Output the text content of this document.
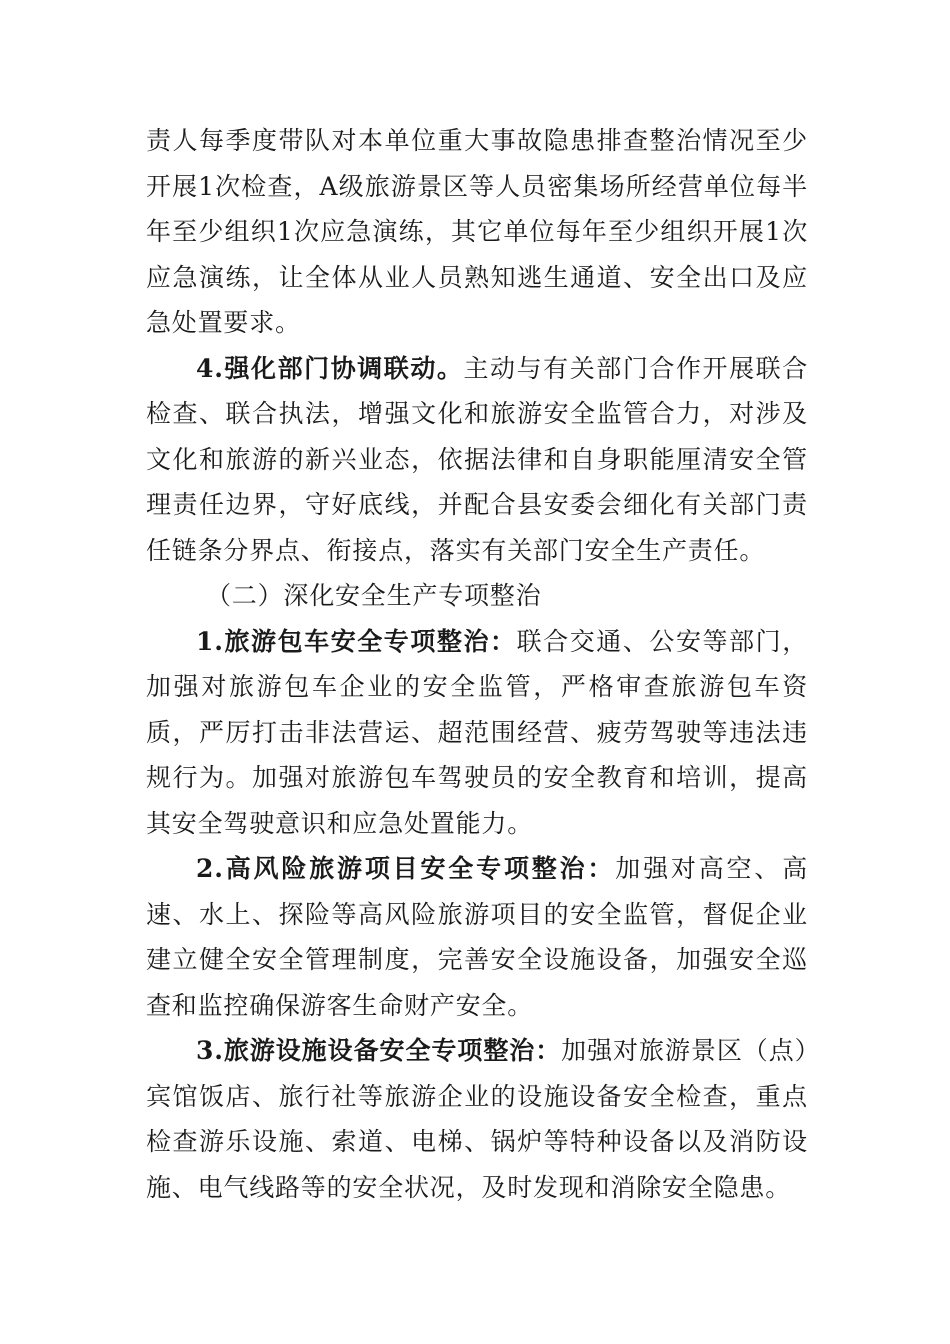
责人每季度带队对本单位重大事故隐患排查整治情况至少开展1次检查，A级旅游景区等人员密集场所经营单位每半年至少组织1次应急演练，其它单位每年至少组织开展1次应急演练，让全体从业人员熟知逃生通道、安全出口及应急处置要求。

4.强化部门协调联动。主动与有关部门合作开展联合检查、联合执法，增强文化和旅游安全监管合力，对涉及文化和旅游的新兴业态，依据法律和自身职能厘清安全管理责任边界，守好底线，并配合县安委会细化有关部门责任链条分界点、衔接点，落实有关部门安全生产责任。

（二）深化安全生产专项整治

1.旅游包车安全专项整治：联合交通、公安等部门，加强对旅游包车企业的安全监管，严格审查旅游包车资质，严厉打击非法营运、超范围经营、疲劳驾驶等违法违规行为。加强对旅游包车驾驶员的安全教育和培训，提高其安全驾驶意识和应急处置能力。

2.高风险旅游项目安全专项整治：加强对高空、高速、水上、探险等高风险旅游项目的安全监管，督促企业建立健全安全管理制度，完善安全设施设备，加强安全巡查和监控确保游客生命财产安全。

3.旅游设施设备安全专项整治：加强对旅游景区（点）宾馆饭店、旅行社等旅游企业的设施设备安全检查，重点检查游乐设施、索道、电梯、锅炉等特种设备以及消防设施、电气线路等的安全状况，及时发现和消除安全隐患。
